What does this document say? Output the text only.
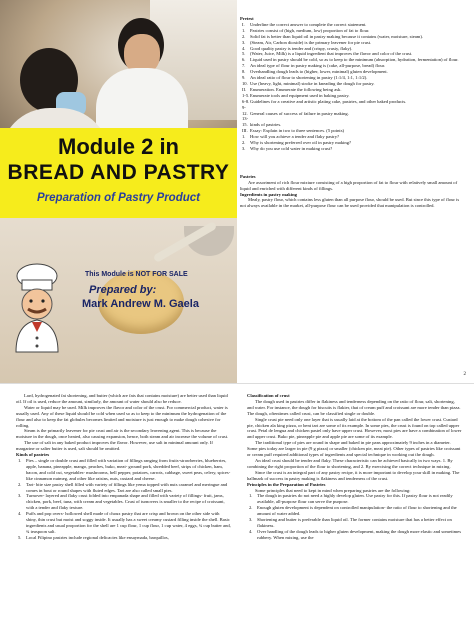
Module 2 in
BREAD AND PASTRY
Preparation of Pastry Product
This Module is NOT FOR SALE
Prepared by:
Mark Andrew M. Gaela
Pretest
I. Underline the correct answer to complete the correct statement.
1. Pastries consist of (high, medium, low) proportion of fat to flour.
2. Solid fat is better than liquid oil in pastry making because it contains (water, moisture, steam).
3. (Steam, Air, Carbon dioxide) is the primary leavener for pie crust.
4. Good quality pastry is tender and (crispy, crusty, flaky).
5. (Water, Juice, Milk) is a liquid ingredient that improves the flavor and color of the crust.
6. Liquid used in pastry should be cold, so as to keep to the minimum (absorption, hydration, fermentation) of flour.
7. An ideal type of flour in pastry making is (cake, all-purpose, bread) flour.
8. Overhandling dough leads to (higher, lower, minimal) gluten development.
9. An ideal ratio of flour to shortening in pastry (1:1/4, 1:1, 1:1/2).
10. Use (heavy, light, minimal) stroke in kneading the dough for pastry.
II. Enumeration. Enumerate the following being ask.
1-5.Enumerate tools and equipment used in baking pastry.
6-8.Guidelines for a creative and artistic plating cake, pastries, and other baked products.
9-12. General causes of success of failure in pastry making.
13-15. kinds of pastries.
III. Essay: Explain in two to three sentences. (5 points)
1. How will you achieve a tender and flaky pastry?
2. Why is shortening preferred over oil in pastry making?
3. Why do you use cold water in making crust?
Pastries

Are assortment of rich flour mixture consisting of a high proportion of fat to flour with relatively small amount of liquid and enriched with different kinds of fillings.

Ingredients in pastry making

Mealy, pastry flour, which contains less gluten than all purpose flour, should be used. But since this type of flour is not always available in the market, all-purpose flour can be used provided that manipulation is controlled.

2

Lard, hydrogenated fat shortening, and butter (which are fats that contains moisture) are better used than liquid oil. If oil is used, reduce the amount, similarly, the amount of water should also be reduce.

Water or liquid may be used. Milk improves the flavor and color of the crust. For commercial product, water is usually used. Any of these liquid should be cold when used so as to keep to the minimum the hydrogenation of the flour and also to keep the fat globules becomes limited and moisture is just enough to make dough cohesive for rolling.

Steam is the primarily leavener for pie crust and air is the secondary leavening agent. This is because the moisture in the dough, once heated, also causing expansion, hence, both steam and air increase the volume of crust.

The use of salt in any baked product improves the flavor. However, use salt in minimal amount only. If margarine or salter butter is used, salt should be omitted.

Kinds of pastries
1. Pies – single or double crust and filled with variation of fillings ranging from fruits-strawberries, blueberries, apple, banana, pineapple, mango, peaches, buko, meat- ground pork, shredded beef, strips of chicken, ham, bacon, and cold cut, vegetables- mushrooms, bell pepper, potatoes, carrots, cabbage, sweet peas, celery, spices- like cinnamon nutmeg, and other like raisins, nuts, custard and cheese.
2. Tart- bite size pastry shell filled with variety of fillings like yema topped with nuts caramel and meringue and comes in bout or round shapes with fluted edges. Tart are also called small pies.
3. Turnover- layered and flaky crust folded into empanada shape and filled with variety of fillings- fruit, jams, chicken, pork, beef, tuna, with cream and vegetables. Crust of turnovers is smaller to the recipe of croissant, with a tender and flaky texture.
4. Puffs and pop overs- hollowed shell made of choux pastry that are crisp and brown on the other side with shiny, thin crust but moist and soggy inside. It usually has a sweet creamy custard filling inside the shell. Basic ingredients and usual proportion for the shell are 1 cup flour, 1 cup flour, 1 cup water, 4 eggs, ¾ cup butter and, ¾ teaspoon salt.
5. Local Filipino pastries include regional delicacies like ensaymada, barquillos,
Classification of crust

The dough used in pastries differ in flakiness and tenderness depending on the ratio of flour, salt, shortening, and water. For instance, the dough for biscuits is flakier, that of cream puff and croissant are more tender than pizza. The dough, oftentimes called crust, can be classified single or double.

Single crust pie need only one layer that is usually laid at the bottom of the pan called the lower crust. Custard pie, chicken ala king pizza, or bent tart are some of its example. In some pies, the crust is found on top called upper crust. Petal de lengua and chicken pastel only have upper crust. However, most pies are have a combination of lower and upper crust. Buko pie, pineapple pie and apple pie are some of its example.

The traditional type of pies are round in shape and baked in pie pans approximately 9 inches in a diameter. Some pies today are larger in pie (9 g pizza) or smaller (chicken pie, meat pie). Other types of pastries like croissant or cream puff required additional types of ingredients and special technique in working out the dough.

An ideal crust should be tender and flaky. These characteristic can be achieved basically in two ways. 1. By combining the right proportion of the flour to shortening, and 2. By exercising the correct technique in mixing.

Since the crust is an integral part of any pastry recipe, it is more important to develop your skill in making. The hallmark of success in pastry making is flakiness and tenderness of the crust.

Principles in the Preparation of Pastries

Some principles that need to kept in mind when preparing pastries are the following:

1. The dough in pastries do not need a highly develop gluten. Use pastry for this. If pastry flour is not readily available, all-purpose flour can serve the purpose.
2. Enough gluten development is dependent on controlled manipulation- the ratio of flour to shortening and the amount of water added.
3. Shortening and butter is preferable than liquid oil. The former contains moisture that has a better effect on flakiness.
4. Over handling of the dough leads to higher gluten development, making the dough more elastic and sometimes rubbery. When mixing, use the
